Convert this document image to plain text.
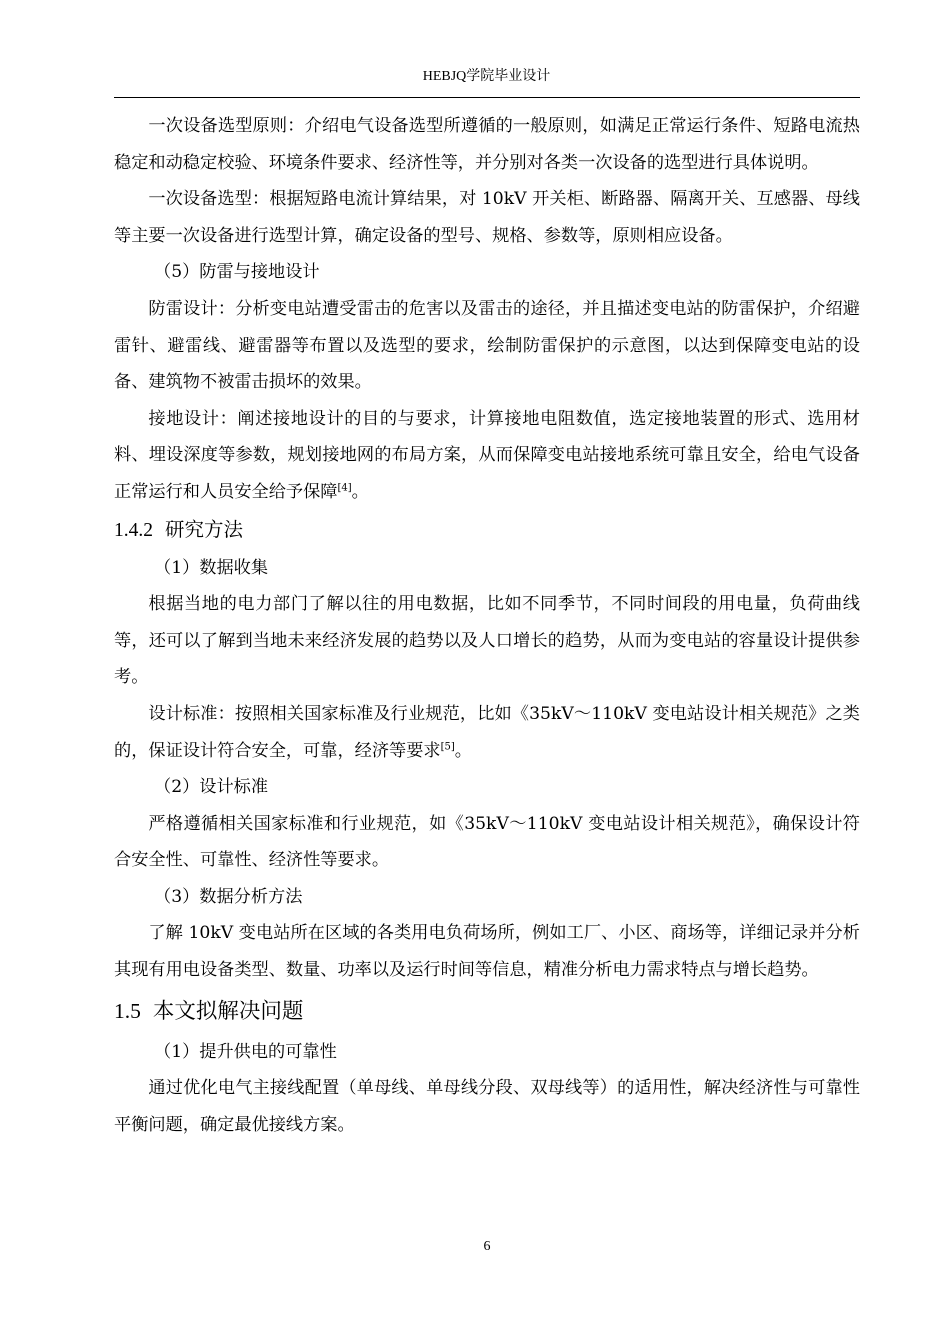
HEBJQ学院毕业设计

一次设备选型原则：介绍电气设备选型所遵循的一般原则，如满足正常运行条件、短路电流热稳定和动稳定校验、环境条件要求、经济性等，并分别对各类一次设备的选型进行具体说明。

一次设备选型：根据短路电流计算结果，对 10kV 开关柜、断路器、隔离开关、互感器、母线等主要一次设备进行选型计算，确定设备的型号、规格、参数等，原则相应设备。

（5）防雷与接地设计

防雷设计：分析变电站遭受雷击的危害以及雷击的途径，并且描述变电站的防雷保护，介绍避雷针、避雷线、避雷器等布置以及选型的要求，绘制防雷保护的示意图，以达到保障变电站的设备、建筑物不被雷击损坏的效果。

接地设计：阐述接地设计的目的与要求，计算接地电阻数值，选定接地装置的形式、选用材料、埋设深度等参数，规划接地网的布局方案，从而保障变电站接地系统可靠且安全，给电气设备正常运行和人员安全给予保障[4]。

1.4.2 研究方法

（1）数据收集

根据当地的电力部门了解以往的用电数据，比如不同季节，不同时间段的用电量，负荷曲线等，还可以了解到当地未来经济发展的趋势以及人口增长的趋势，从而为变电站的容量设计提供参考。

设计标准：按照相关国家标准及行业规范，比如《35kV～110kV 变电站设计相关规范》之类的，保证设计符合安全，可靠，经济等要求[5]。

（2）设计标准

严格遵循相关国家标准和行业规范，如《35kV～110kV 变电站设计相关规范》，确保设计符合安全性、可靠性、经济性等要求。

（3）数据分析方法

了解 10kV 变电站所在区域的各类用电负荷场所，例如工厂、小区、商场等，详细记录并分析其现有用电设备类型、数量、功率以及运行时间等信息，精准分析电力需求特点与增长趋势。

1.5 本文拟解决问题

（1）提升供电的可靠性

通过优化电气主接线配置（单母线、单母线分段、双母线等）的适用性，解决经济性与可靠性平衡问题，确定最优接线方案。

6
